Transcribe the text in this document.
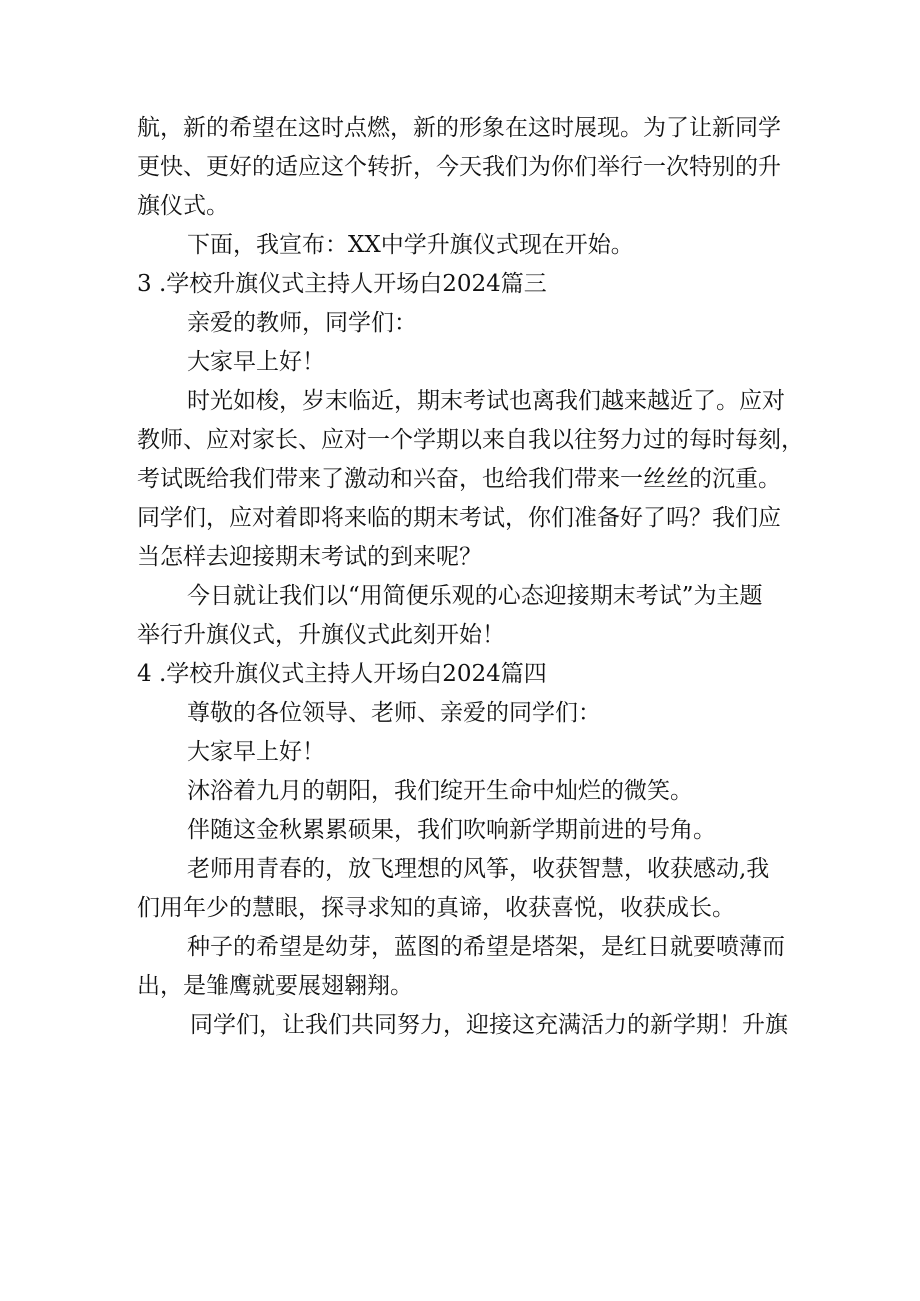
航，新的希望在这时点燃，新的形象在这时展现。为了让新同学

更快、更好的适应这个转折，今天我们为你们举行一次特别的升

旗仪式。

下面，我宣布：XX中学升旗仪式现在开始。

3 .学校升旗仪式主持人开场白2024篇三

亲爱的教师，同学们：

大家早上好！

时光如梭，岁末临近，期末考试也离我们越来越近了。应对

教师、应对家长、应对一个学期以来自我以往努力过的每时每刻，

考试既给我们带来了激动和兴奋，也给我们带来一丝丝的沉重。

同学们，应对着即将来临的期末考试，你们准备好了吗？我们应

当怎样去迎接期末考试的到来呢？

今日就让我们以“用简便乐观的心态迎接期末考试”为主题

举行升旗仪式，升旗仪式此刻开始！

4 .学校升旗仪式主持人开场白2024篇四

尊敬的各位领导、老师、亲爱的同学们：

大家早上好！

沐浴着九月的朝阳，我们绽开生命中灿烂的微笑。

伴随这金秋累累硕果，我们吹响新学期前进的号角。

老师用青春的，放飞理想的风筝，收获智慧，收获感动,我

们用年少的慧眼，探寻求知的真谛，收获喜悦，收获成长。

种子的希望是幼芽，蓝图的希望是塔架，是红日就要喷薄而

出，是雏鹰就要展翅翱翔。

同学们，让我们共同努力，迎接这充满活力的新学期！升旗
